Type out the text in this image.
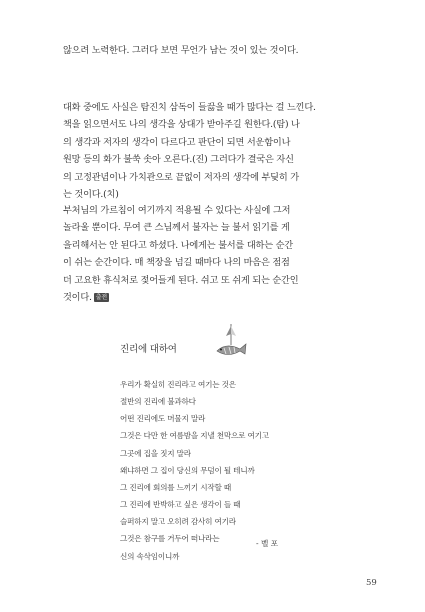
않으려 노력한다. 그러다 보면 무언가 남는 것이 있는 것이다.
대화 중에도 사실은 탐진치 삼독이 들끓을 때가 많다는 걸 느낀다.
책을 읽으면서도 나의 생각을 상대가 받아주길 원한다.(탐) 나
의 생각과 저자의 생각이 다르다고 판단이 되면 서운함이나
원망 등의 화가 불쑥 솟아 오른다.(진) 그러다가 결국은 자신
의 고정관념이나 가치관으로 끝없이 저자의 생각에 부딪히 가
는 것이다.(치)
부처님의 가르침이 여기까지 적용될 수 있다는 사실에 그저
놀라울 뿐이다. 무여 큰 스님께서 불자는 늘 불서 읽기를 게
을리해서는 안 된다고 하셨다. 나에게는 불서를 대하는 순간
이 쉬는 순간이다. 매 책장을 넘길 때마다 나의 마음은 점점
더 고요한 휴식처로 젖어들게 된다. 쉬고 또 쉬게 되는 순간인
것이다. 출전
진리에 대하여
우리가 확실히 진리라고 여기는 것은
절반의 진리에 불과하다
어떤 진리에도 머물지 말라
그것은 다만 한 여름밤을 지낼 천막으로 여기고
그곳에 집을 짓지 말라
왜냐하면 그 집이 당신의 무덤이 될 테니까
그 진리에 회의를 느끼기 시작할 때
그 진리에 반박하고 싶은 생각이 들 때
슬퍼하지 말고 오히려 감사히 여기라
그것은 참구를 거두어 떠나라는
신의 속삭임이니까
- 벨 포
59
